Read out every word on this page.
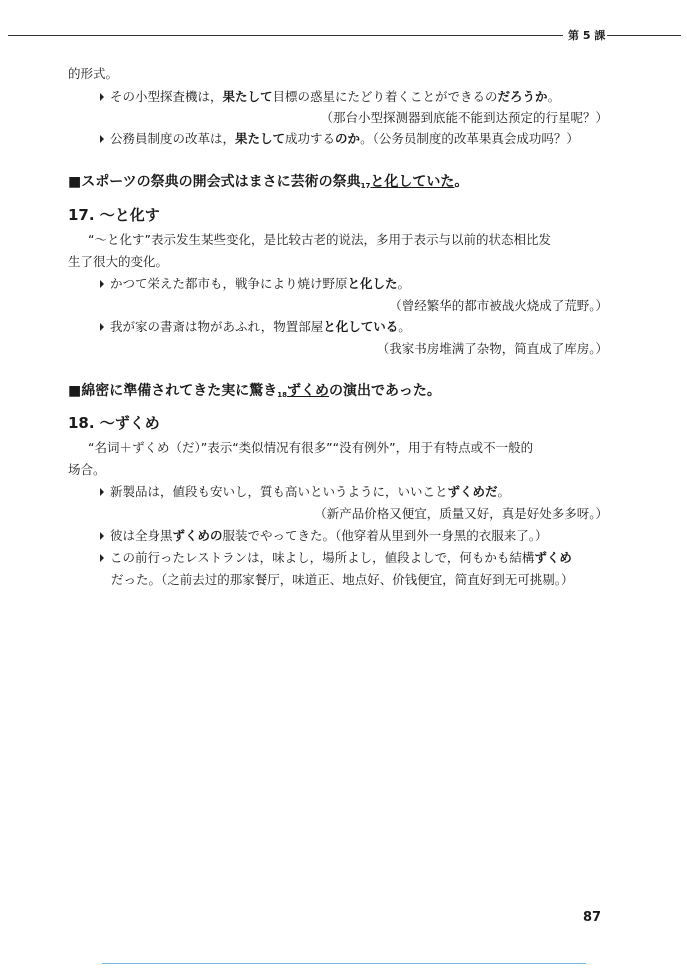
第 5 課
的形式。
その小型探査機は，果たして目標の惑星にたどり着くことができるのだろうか。
（那台小型探测器到底能不能到达预定的行星呢？）
公務員制度の改革は，果たして成功するのか。（公务员制度的改革果真会成功吗？）
■スポーツの祭典の開会式はまさに芸術の祭典$_{17}$と化していた。
17. ～と化す
“～と化す”表示发生某些变化，是比较古老的说法，多用于表示与以前的状态相比发
生了很大的变化。
かつて栄えた都市も，戦争により焼け野原と化した。
（曾经繁华的都市被战火烧成了荒野。）
我が家の書斎は物があふれ，物置部屋と化している。
（我家书房堆满了杂物，简直成了库房。）
■綿密に準備されてきた実に驚き$_{18}$ずくめの演出であった。
18. ～ずくめ
“名词＋ずくめ（だ）”表示“类似情况有很多”“没有例外”，用于有特点或不一般的
场合。
新製品は，値段も安いし，質も高いというように，いいことずくめだ。
（新产品价格又便宜，质量又好，真是好处多多呀。）
彼は全身黒ずくめの服装でやってきた。（他穿着从里到外一身黑的衣服来了。）
この前行ったレストランは，味よし，場所よし，値段よしで，何もかも結構ずくめ
だった。（之前去过的那家餐厅，味道正、地点好、价钱便宜，简直好到无可挑剔。）
87
